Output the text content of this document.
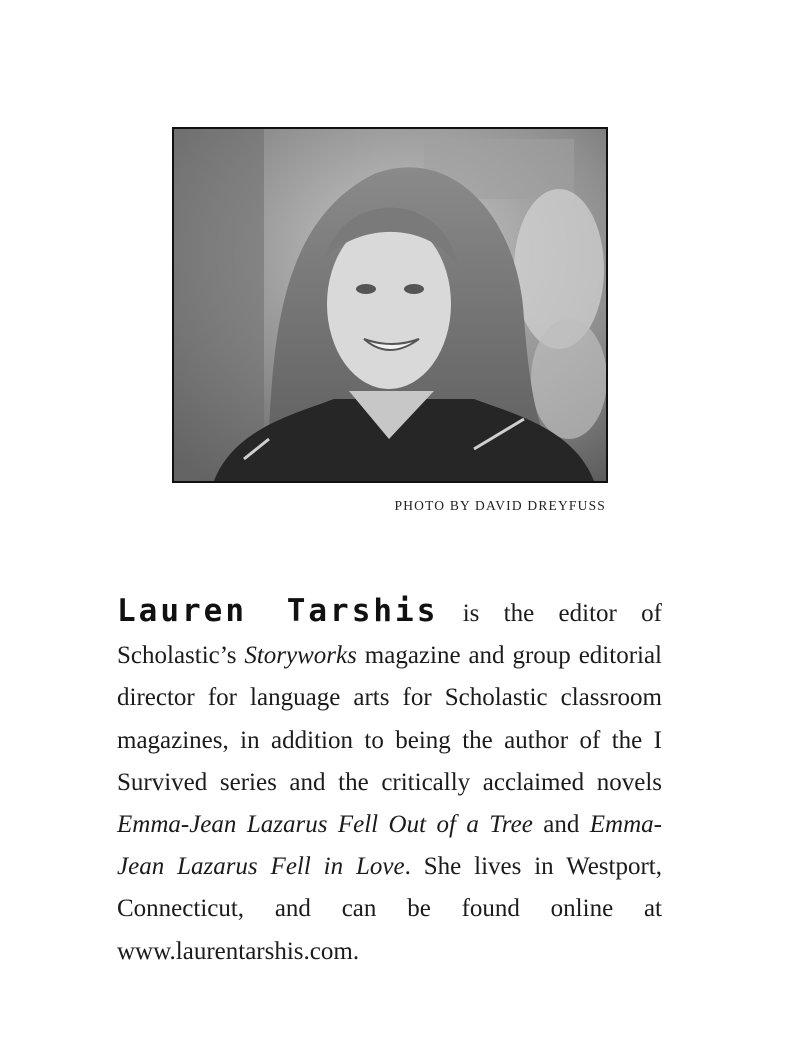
PHOTO BY DAVID DREYFUSS
Lauren Tarshis is the editor of Scholastic’s Storyworks magazine and group editorial director for language arts for Scholastic classroom magazines, in addition to being the author of the I Survived series and the critically acclaimed novels Emma-Jean Lazarus Fell Out of a Tree and Emma-Jean Lazarus Fell in Love. She lives in Westport, Connecticut, and can be found online at www.laurentarshis.com.
